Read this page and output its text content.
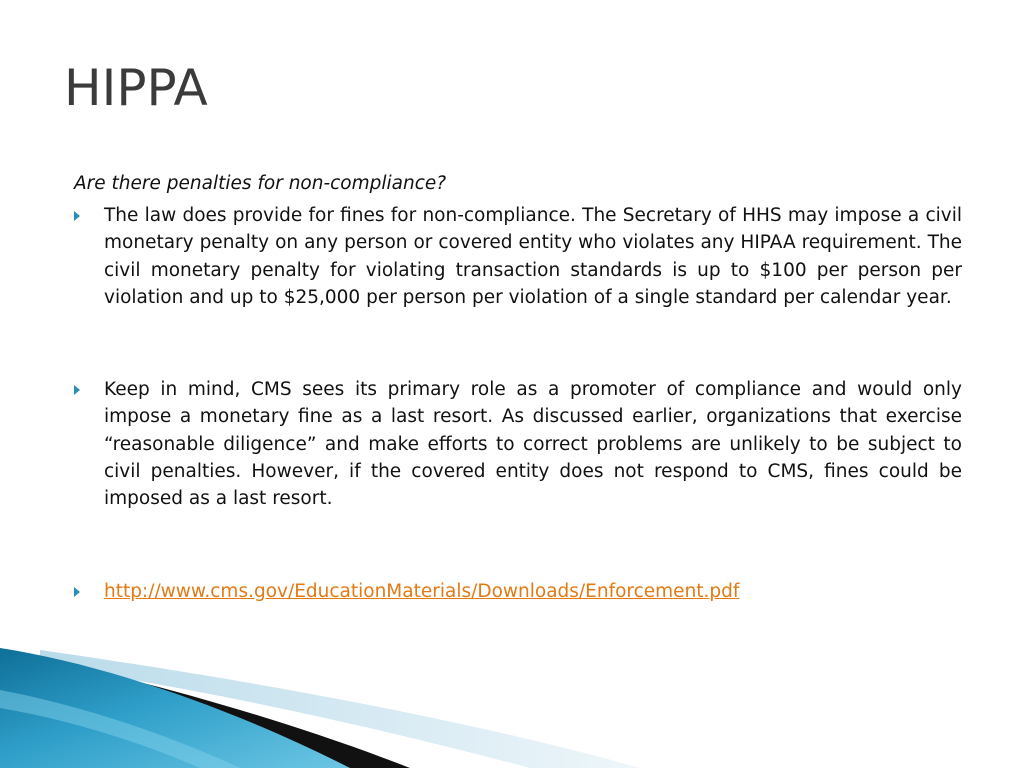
HIPPA

Are there penalties for non-compliance?

The law does provide for fines for non-compliance. The Secretary of HHS may impose a civil monetary penalty on any person or covered entity who violates any HIPAA requirement. The civil monetary penalty for violating transaction standards is up to $100 per person per violation and up to $25,000 per person per violation of a single standard per calendar year.
Keep in mind, CMS sees its primary role as a promoter of compliance and would only impose a monetary fine as a last resort. As discussed earlier, organizations that exercise “reasonable diligence” and make efforts to correct problems are unlikely to be subject to civil penalties. However, if the covered entity does not respond to CMS, fines could be imposed as a last resort.
http://www.cms.gov/EducationMaterials/Downloads/Enforcement.pdf
